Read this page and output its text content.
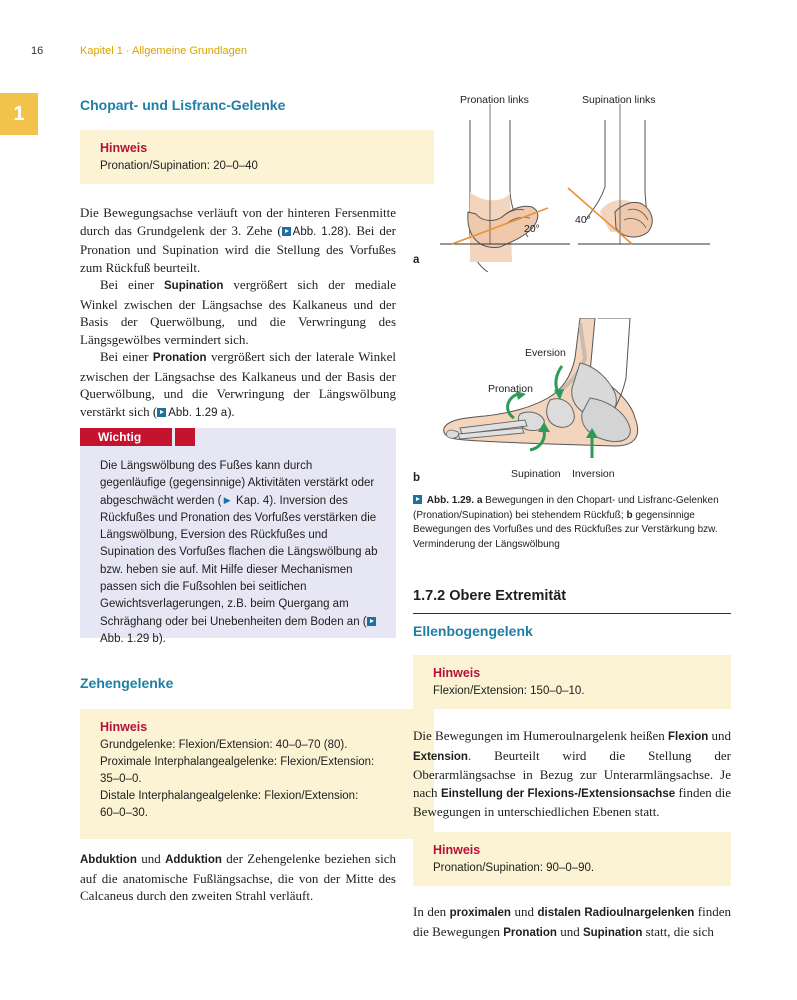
16	Kapitel 1 · Allgemeine Grundlagen
1	Chopart- und Lisfranc-Gelenke
Hinweis
Pronation/Supination: 20–0–40

Die Bewegungsachse verläuft von der hinteren Fersenmitte durch das Grundgelenk der 3. Zehe ( Abb. 1.28). Bei der Pronation und Supination wird die Stellung des Vorfußes zum Rückfuß beurteilt.

Bei einer Supination vergrößert sich der mediale Winkel zwischen der Längsachse des Kalkaneus und der Basis der Querwölbung, und die Verwringung des Längsgewölbes vermindert sich.

Bei einer Pronation vergrößert sich der laterale Winkel zwischen der Längsachse des Kalkaneus und der Basis der Querwölbung, und die Verwringung der Längswölbung verstärkt sich ( Abb. 1.29 a).

Wichtig
Die Längswölbung des Fußes kann durch gegenläufige (gegensinnige) Aktivitäten verstärkt oder abgeschwächt werden (► Kap. 4). Inversion des Rückfußes und Pronation des Vorfußes verstärken die Längswölbung, Eversion des Rückfußes und Supination des Vorfußes flachen die Längswölbung ab bzw. heben sie auf. Mit Hilfe dieser Mechanismen passen sich die Fußsohlen bei seitlichen Gewichtsverlagerungen, z.B. beim Quergang am Schräghang oder bei Unebenheiten dem Boden an (Abb. 1.29 b).
Zehengelenke
Hinweis
Grundgelenke: Flexion/Extension: 40–0–70 (80).
Proximale Interphalangealgelenke: Flexion/Extension:
35–0–0.
Distale Interphalangealgelenke: Flexion/Extension:
60–0–30.

Abduktion und Adduktion der Zehengelenke beziehen sich auf die anatomische Fußlängsachse, die von der Mitte des Calcaneus durch den zweiten Strahl verläuft.

Pronation links	Supination links
20°
40°
a
Eversion
Pronation
Supination Inversion
b
Abb. 1.29. a Bewegungen in den Chopart- und Lisfranc-Gelenken (Pronation/Supination) bei stehendem Rückfuß; b gegensinnige Bewegungen des Vorfußes und des Rückfußes zur Verstärkung bzw. Verminderung der Längswölbung
1.7.2 Obere Extremität
Ellenbogengelenk
Hinweis
Flexion/Extension: 150–0–10.

Die Bewegungen im Humeroulnargelenk heißen Flexion und Extension. Beurteilt wird die Stellung der Oberarmlängsachse in Bezug zur Unterarmlängsachse. Je nach Einstellung der Flexions-/Extensionsachse finden die Bewegungen in unterschiedlichen Ebenen statt.

Hinweis
Pronation/Supination: 90–0–90.

In den proximalen und distalen Radioulnargelenken finden die Bewegungen Pronation und Supination statt, die sich
